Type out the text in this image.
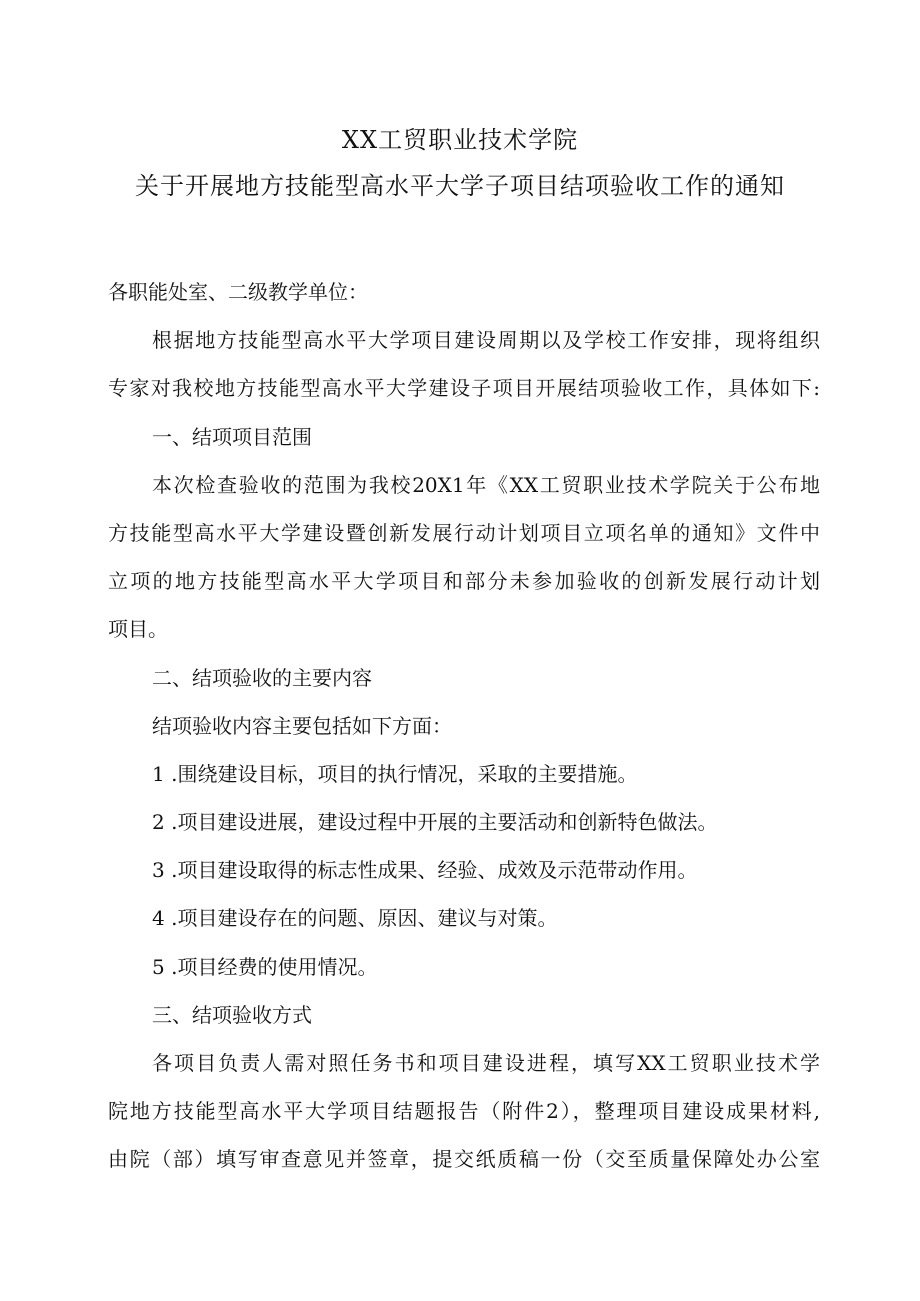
XX工贸职业技术学院
关于开展地方技能型高水平大学子项目结项验收工作的通知
各职能处室、二级教学单位：
根据地方技能型高水平大学项目建设周期以及学校工作安排，现将组织
专家对我校地方技能型高水平大学建设子项目开展结项验收工作，具体如下:
一、结项项目范围
本次检查验收的范围为我校20X1年《XX工贸职业技术学院关于公布地
方技能型高水平大学建设暨创新发展行动计划项目立项名单的通知》文件中
立项的地方技能型高水平大学项目和部分未参加验收的创新发展行动计划
项目。
二、结项验收的主要内容
结项验收内容主要包括如下方面：
1 .围绕建设目标，项目的执行情况，采取的主要措施。
2 .项目建设进展，建设过程中开展的主要活动和创新特色做法。
3 .项目建设取得的标志性成果、经验、成效及示范带动作用。
4 .项目建设存在的问题、原因、建议与对策。
5 .项目经费的使用情况。
三、结项验收方式
各项目负责人需对照任务书和项目建设进程，填写XX工贸职业技术学
院地方技能型高水平大学项目结题报告（附件2），整理项目建设成果材料,
由院（部）填写审查意见并签章，提交纸质稿一份（交至质量保障处办公室
